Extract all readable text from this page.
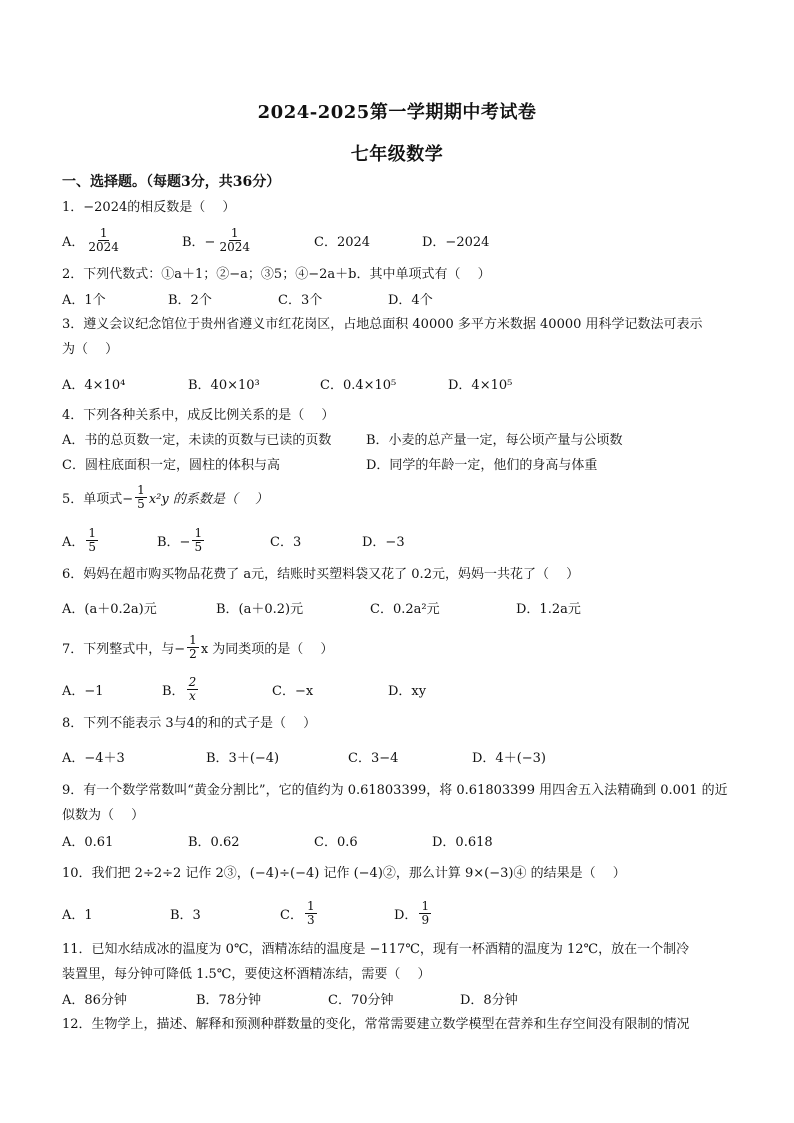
2024-2025第一学期期中考试卷
七年级数学
一、选择题。（每题3分，共36分）
1．−2024的相反数是（　 ）
A． $\frac{1}{2024}$	B．− $\frac{1}{2024}$	C．2024	D．−2024
2．下列代数式：①a＋1；②−a；③5；④−2a＋b．其中单项式有（　 ）
A．1个	B．2个	C．3个	D．4个
3．遵义会议纪念馆位于贵州省遵义市红花岗区，占地总面积 40000 多平方米数据 40000 用科学记数法可表示
为（　 ）
A．4×10⁴	B．40×10³	C．0.4×10⁵	D．4×10⁵
4．下列各种关系中，成反比例关系的是（　 ）
A．书的总页数一定，未读的页数与已读的页数	B．小麦的总产量一定，每公顷产量与公顷数
C．圆柱底面积一定，圆柱的体积与高	D．同学的年龄一定，他们的身高与体重
5．单项式− $\frac{1}{5} x^2y$ 的系数是（　 ）
A． $\frac{1}{5}$	B．− $\frac{1}{5}$	C．3	D．−3
6．妈妈在超市购买物品花费了 a元，结账时买塑料袋又花了 0.2元，妈妈一共花了（　 ）
A．(a＋0.2a)元	B．(a＋0.2)元	C．0.2a²元	D．1.2a元
7．下列整式中，与− $\frac{1}{2}$ x 为同类项的是（　 ）
A．−1	B． $\frac{2}{x}$	C．−x	D．xy
8．下列不能表示 3与4的和的式子是（　 ）
A．−4＋3	B．3＋(−4)	C．3−4	D．4＋(−3)
9．有一个数学常数叫“黄金分割比”，它的值约为 0.61803399，将 0.61803399 用四舍五入法精确到 0.001 的近
似数为（　 ）
A．0.61	B．0.62	C．0.6	D．0.618
10．我们把 2÷2÷2 记作 2③，(−4)÷(−4) 记作 (−4)②，那么计算 9×(−3)④ 的结果是（　 ）
A．1	B．3	C． $\frac{1}{3}$	D． $\frac{1}{9}$
11．已知水结成冰的温度为 0℃，酒精冻结的温度是 −117℃，现有一杯酒精的温度为 12℃，放在一个制冷
装置里，每分钟可降低 1.5℃，要使这杯酒精冻结，需要（　 ）
A．86分钟	B．78分钟	C．70分钟	D．8分钟
12．生物学上，描述、解释和预测种群数量的变化，常常需要建立数学模型在营养和生存空间没有限制的情况
